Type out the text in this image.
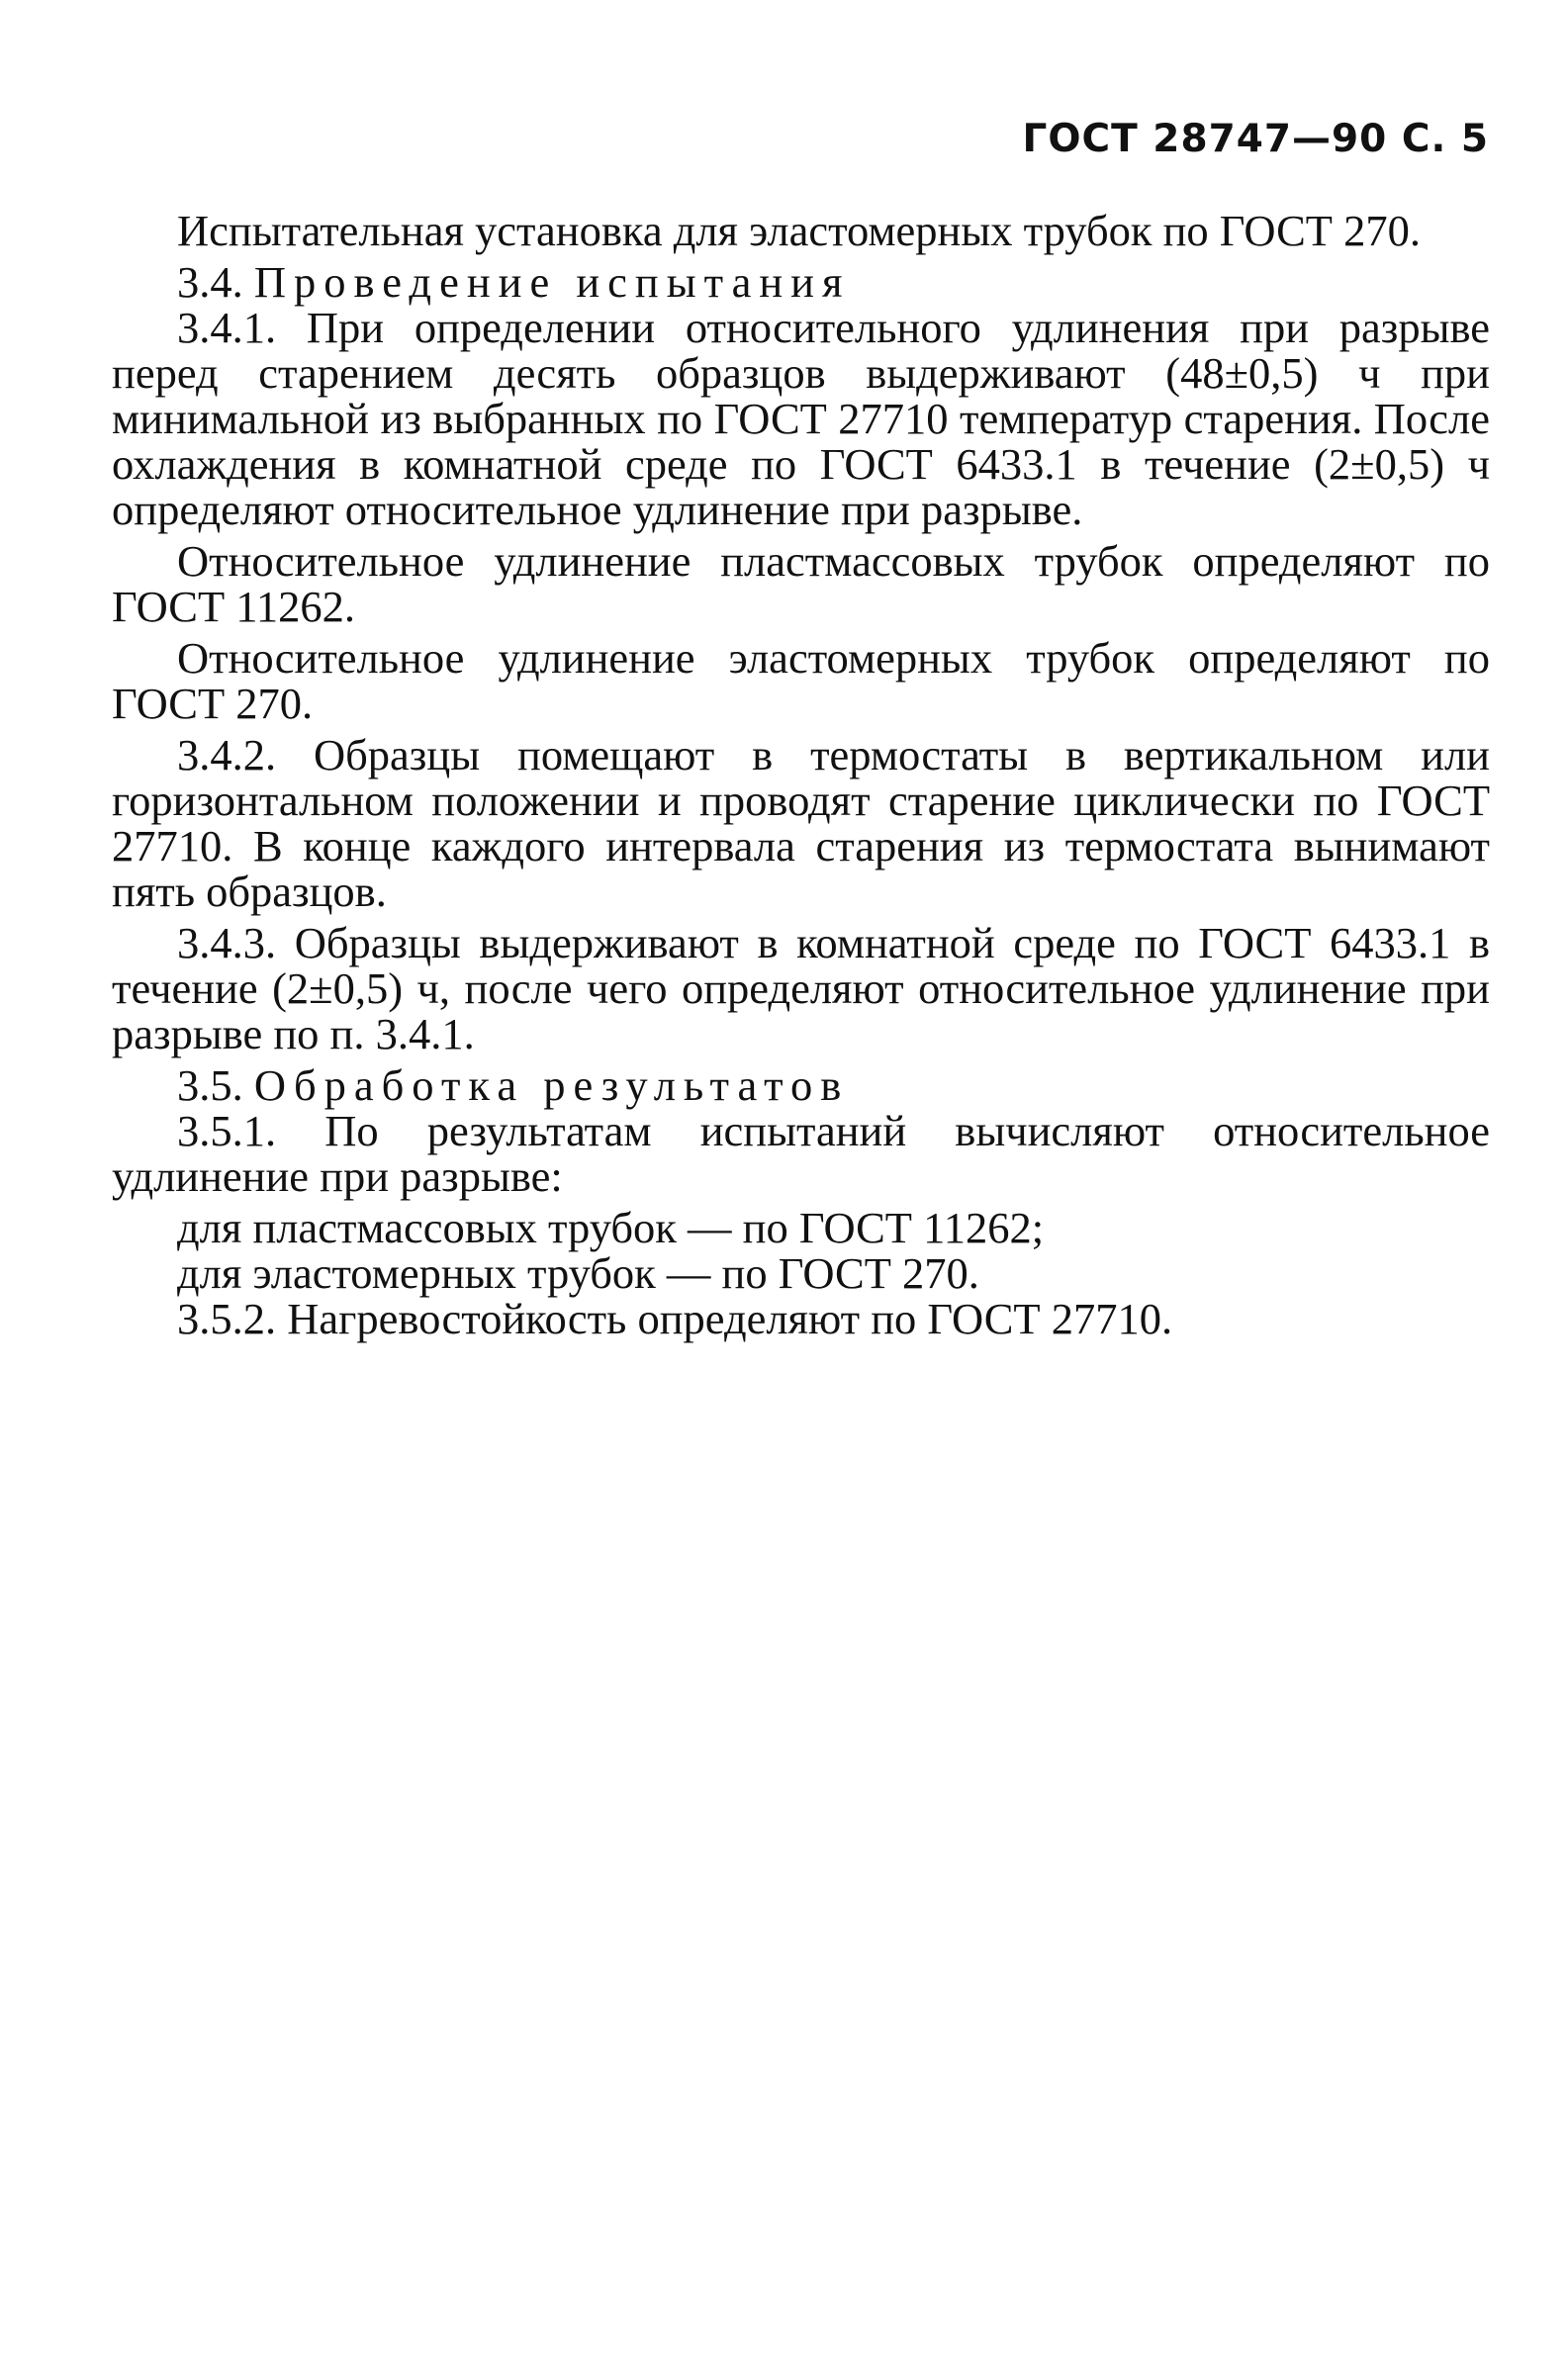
ГОСТ 28747—90 С. 5

Испытательная установка для эластомерных трубок по ГОСТ 270.

3.4. Проведение испытания

3.4.1. При определении относительного удлинения при разрыве перед старением десять образцов выдерживают (48±0,5) ч при минимальной из выбранных по ГОСТ 27710 температур старения. После охлаждения в комнатной среде по ГОСТ 6433.1 в течение (2±0,5) ч определяют относительное удлинение при разрыве.

Относительное удлинение пластмассовых трубок определяют по ГОСТ 11262.

Относительное удлинение эластомерных трубок определяют по ГОСТ 270.

3.4.2. Образцы помещают в термостаты в вертикальном или горизонтальном положении и проводят старение циклически по ГОСТ 27710. В конце каждого интервала старения из термостата вынимают пять образцов.

3.4.3. Образцы выдерживают в комнатной среде по ГОСТ 6433.1 в течение (2±0,5) ч, после чего определяют относительное удлинение при разрыве по п. 3.4.1.

3.5. Обработка результатов

3.5.1. По результатам испытаний вычисляют относительное удлинение при разрыве:

для пластмассовых трубок — по ГОСТ 11262;

для эластомерных трубок — по ГОСТ 270.

3.5.2. Нагревостойкость определяют по ГОСТ 27710.
